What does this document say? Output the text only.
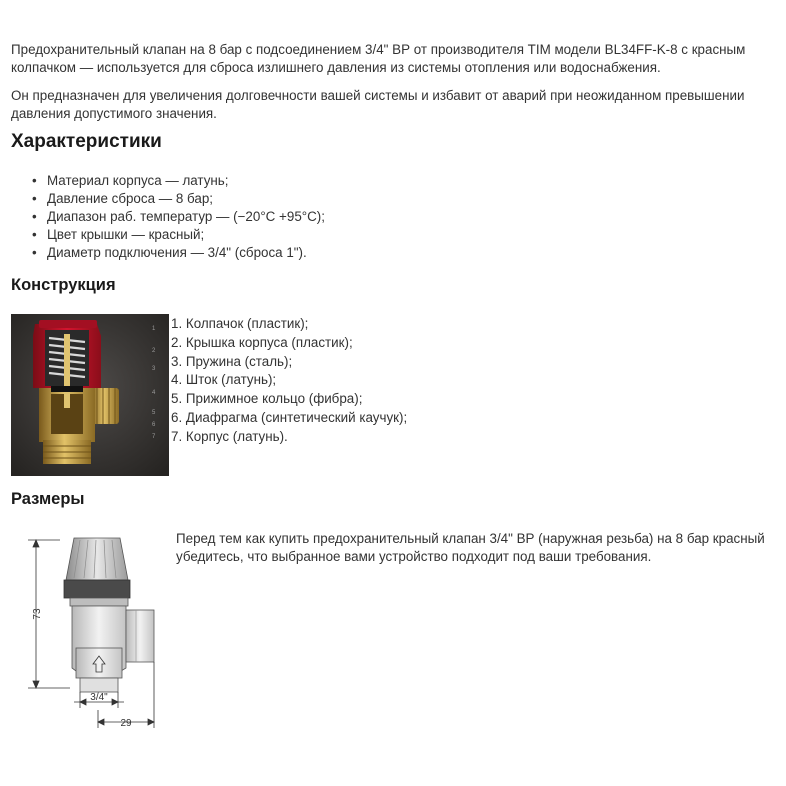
Предохранительный клапан на 8 бар с подсоединением 3/4" ВР от производителя TIM модели BL34FF-K-8 с красным колпачком — используется для сброса излишнего давления из системы отопления или водоснабжения.

Он предназначен для увеличения долговечности вашей системы и избавит от аварий при неожиданном превышении давления допустимого значения.

Характеристики
• Материал корпуса — латунь;
• Давление сброса — 8 бар;
• Диапазон раб. температур — (−20°C +95°C);
• Цвет крышки — красный;
• Диаметр подключения — 3/4" (сброса 1").
Конструкция
1
2
3
4
5
6
7
1. Колпачок (пластик);
2. Крышка корпуса (пластик);
3. Пружина (сталь);
4. Шток (латунь);
5. Прижимное кольцо (фибра);
6. Диафрагма (синтетический каучук);
7. Корпус (латунь).
Размеры
73
3/4"
29

Перед тем как купить предохранительный клапан 3/4" ВР (наружная резьба) на 8 бар красный убедитесь, что выбранное вами устройство подходит под ваши требования.
